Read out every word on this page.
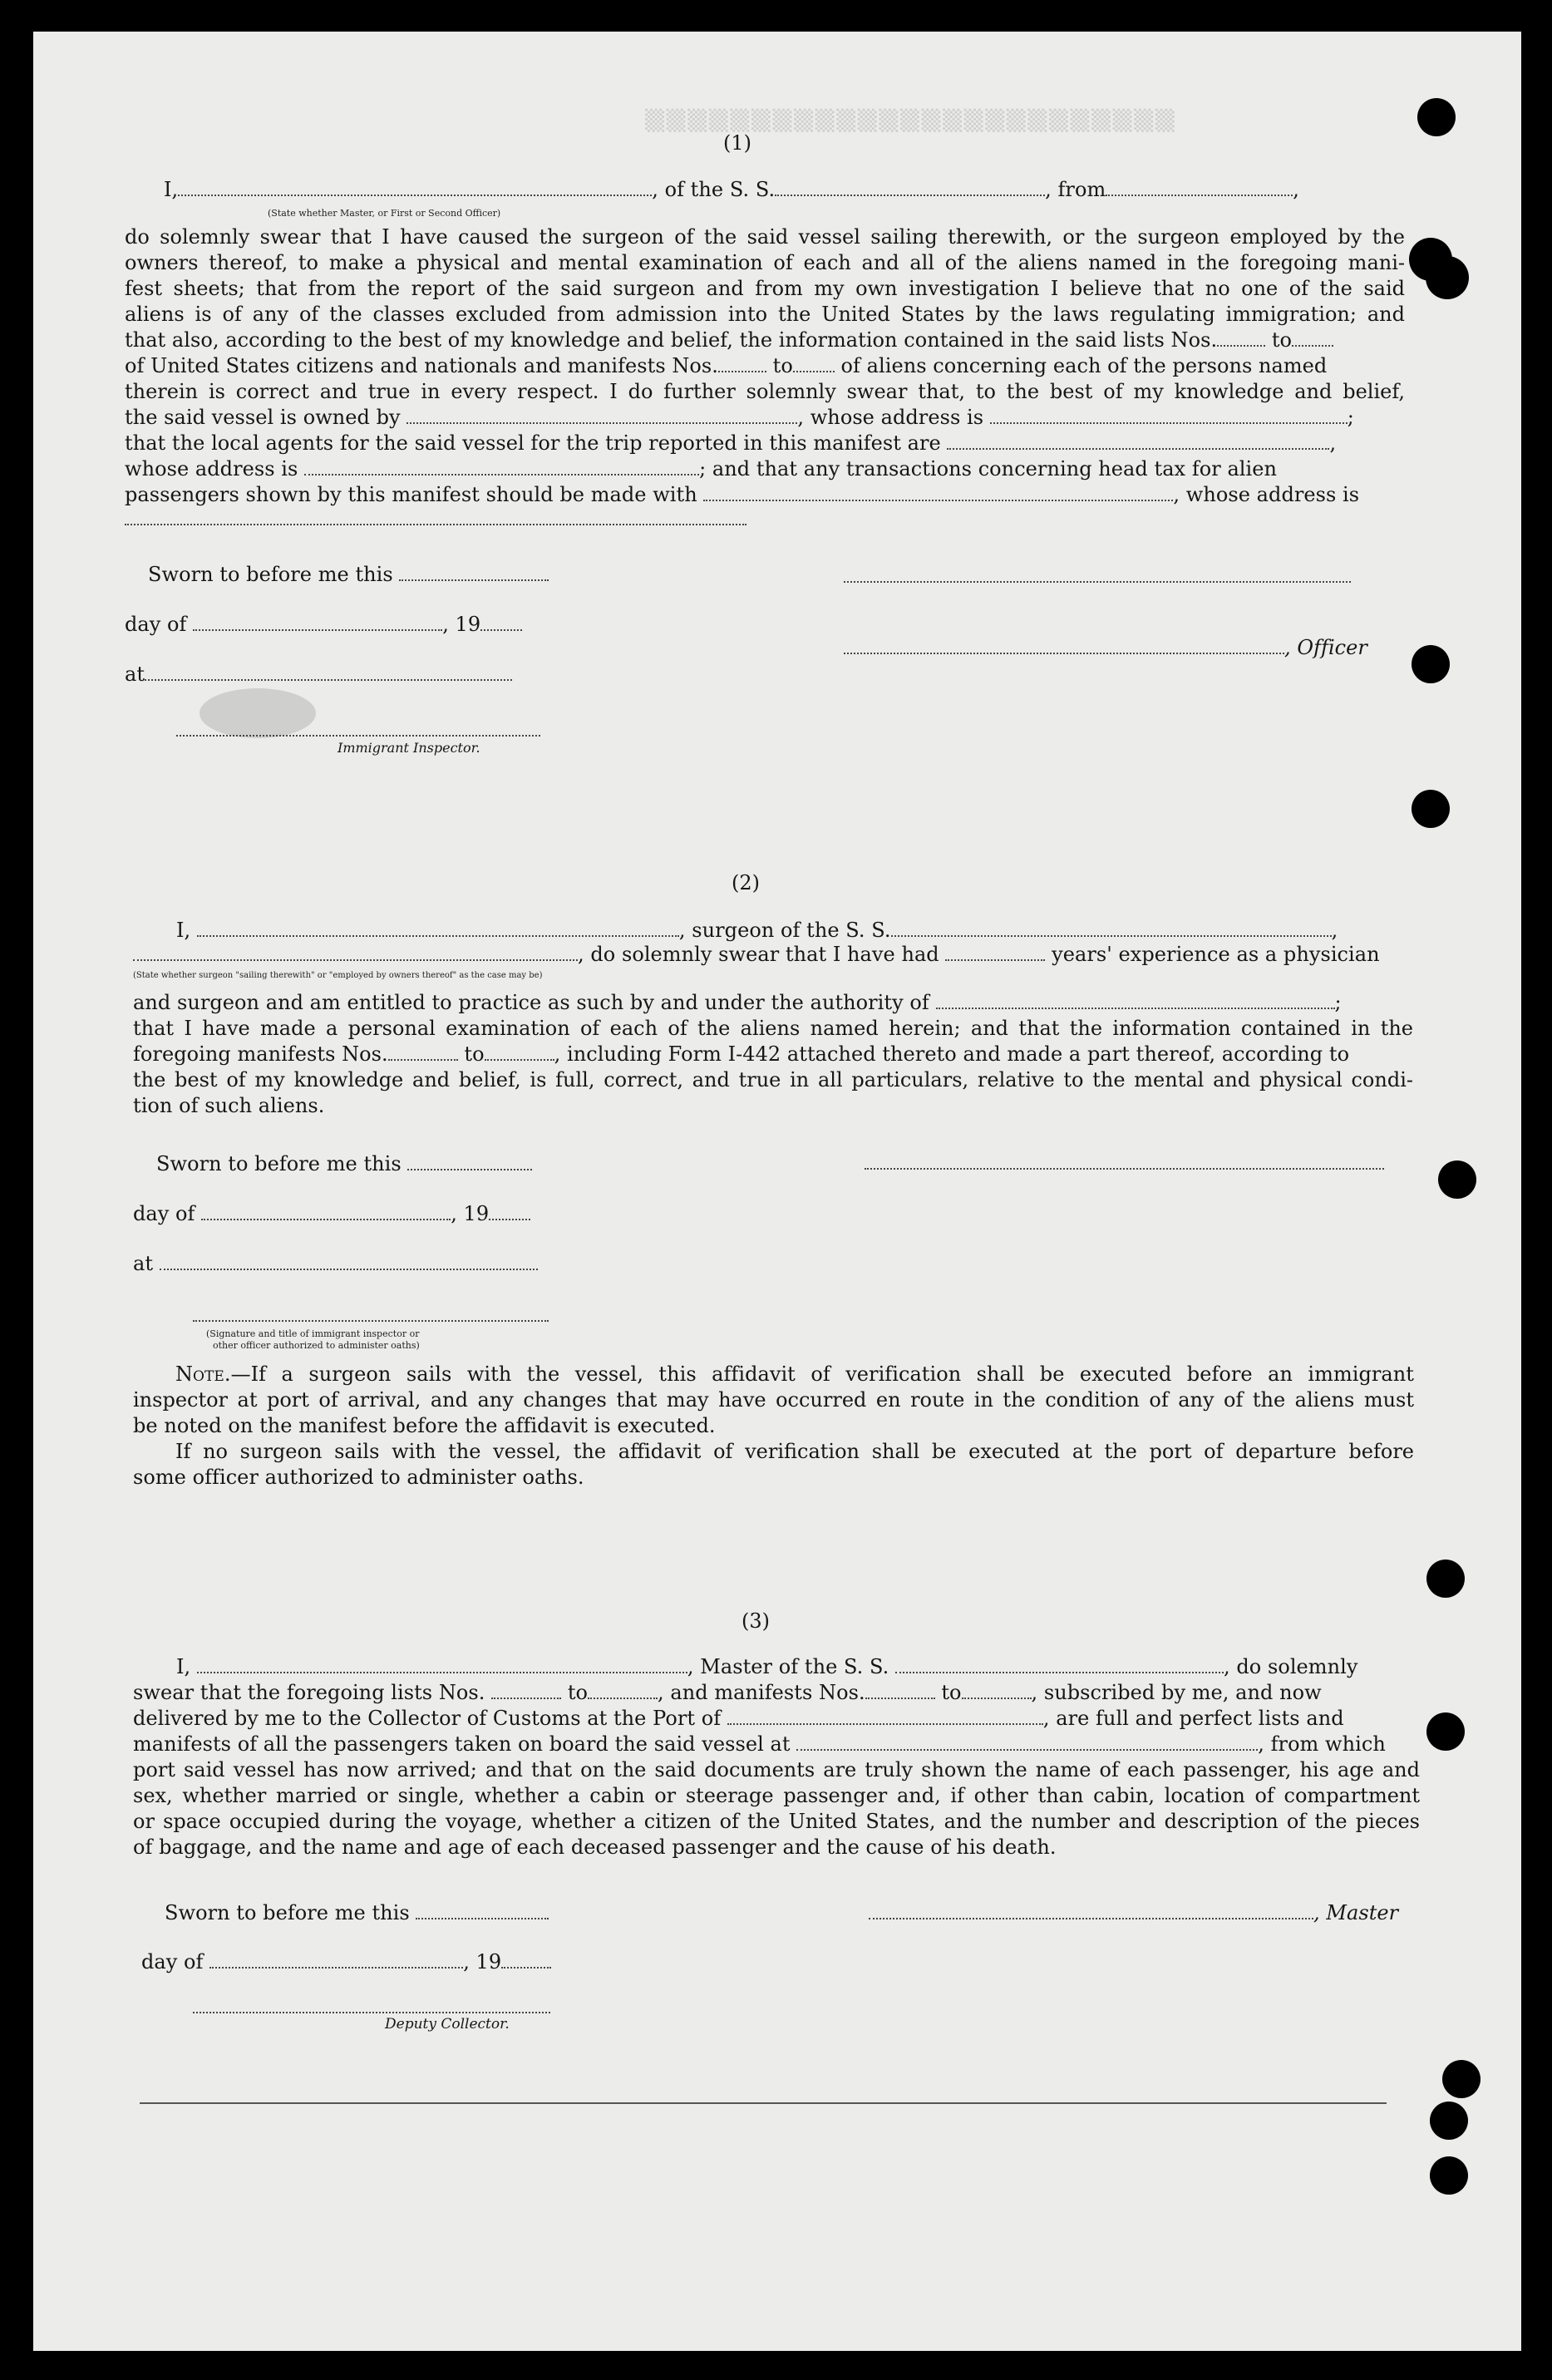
▒▒▒▒▒▒▒▒▒▒▒▒▒▒▒▒▒▒▒▒▒▒▒▒▒
(1)
I,	, of the S. S.	, from	,
(State whether Master, or First or Second Officer)
do solemnly swear that I have caused the surgeon of the said vessel sailing therewith, or the surgeon employed by the
owners thereof, to make a physical and mental examination of each and all of the aliens named in the foregoing mani-
fest sheets; that from the report of the said surgeon and from my own investigation I believe that no one of the said
aliens is of any of the classes excluded from admission into the United States by the laws regulating immigration; and
that also, according to the best of my knowledge and belief, the information contained in the said lists Nos.	to
of United States citizens and nationals and manifests Nos.	to of aliens concerning each of the persons named
therein is correct and true in every respect. I do further solemnly swear that, to the best of my knowledge and belief,
the said vessel is owned by	, whose address is	;
that the local agents for the said vessel for the trip reported in this manifest are	,
whose address is	; and that any transactions concerning head tax for alien
passengers shown by this manifest should be made with	, whose address is
Sworn to before me this
day of	, 19
, Officer
at
Immigrant Inspector.
(2)
I,	, surgeon of the S. S.	,
, do solemnly swear that I have had	years' experience as a physician
(State whether surgeon "sailing therewith" or "employed by owners thereof" as the case may be)
and surgeon and am entitled to practice as such by and under the authority of	;
that I have made a personal examination of each of the aliens named herein; and that the information contained in the
foregoing manifests Nos.	to	, including Form I-442 attached thereto and made a part thereof, according to
the best of my knowledge and belief, is full, correct, and true in all particulars, relative to the mental and physical condi-
tion of such aliens.
Sworn to before me this
day of	, 19
at
(Signature and title of immigrant inspector or
other officer authorized to administer oaths)
Note.—If a surgeon sails with the vessel, this affidavit of verification shall be executed before an immigrant
inspector at port of arrival, and any changes that may have occurred en route in the condition of any of the aliens must
be noted on the manifest before the affidavit is executed.
If no surgeon sails with the vessel, the affidavit of verification shall be executed at the port of departure before
some officer authorized to administer oaths.
(3)
I,	, Master of the S. S.	, do solemnly
swear that the foregoing lists Nos.	to	, and manifests Nos.	to	, subscribed by me, and now
delivered by me to the Collector of Customs at the Port of	, are full and perfect lists and
manifests of all the passengers taken on board the said vessel at	, from which
port said vessel has now arrived; and that on the said documents are truly shown the name of each passenger, his age and
sex, whether married or single, whether a cabin or steerage passenger and, if other than cabin, location of compartment
or space occupied during the voyage, whether a citizen of the United States, and the number and description of the pieces
of baggage, and the name and age of each deceased passenger and the cause of his death.
Sworn to before me this	, Master
day of	, 19
Deputy Collector.
